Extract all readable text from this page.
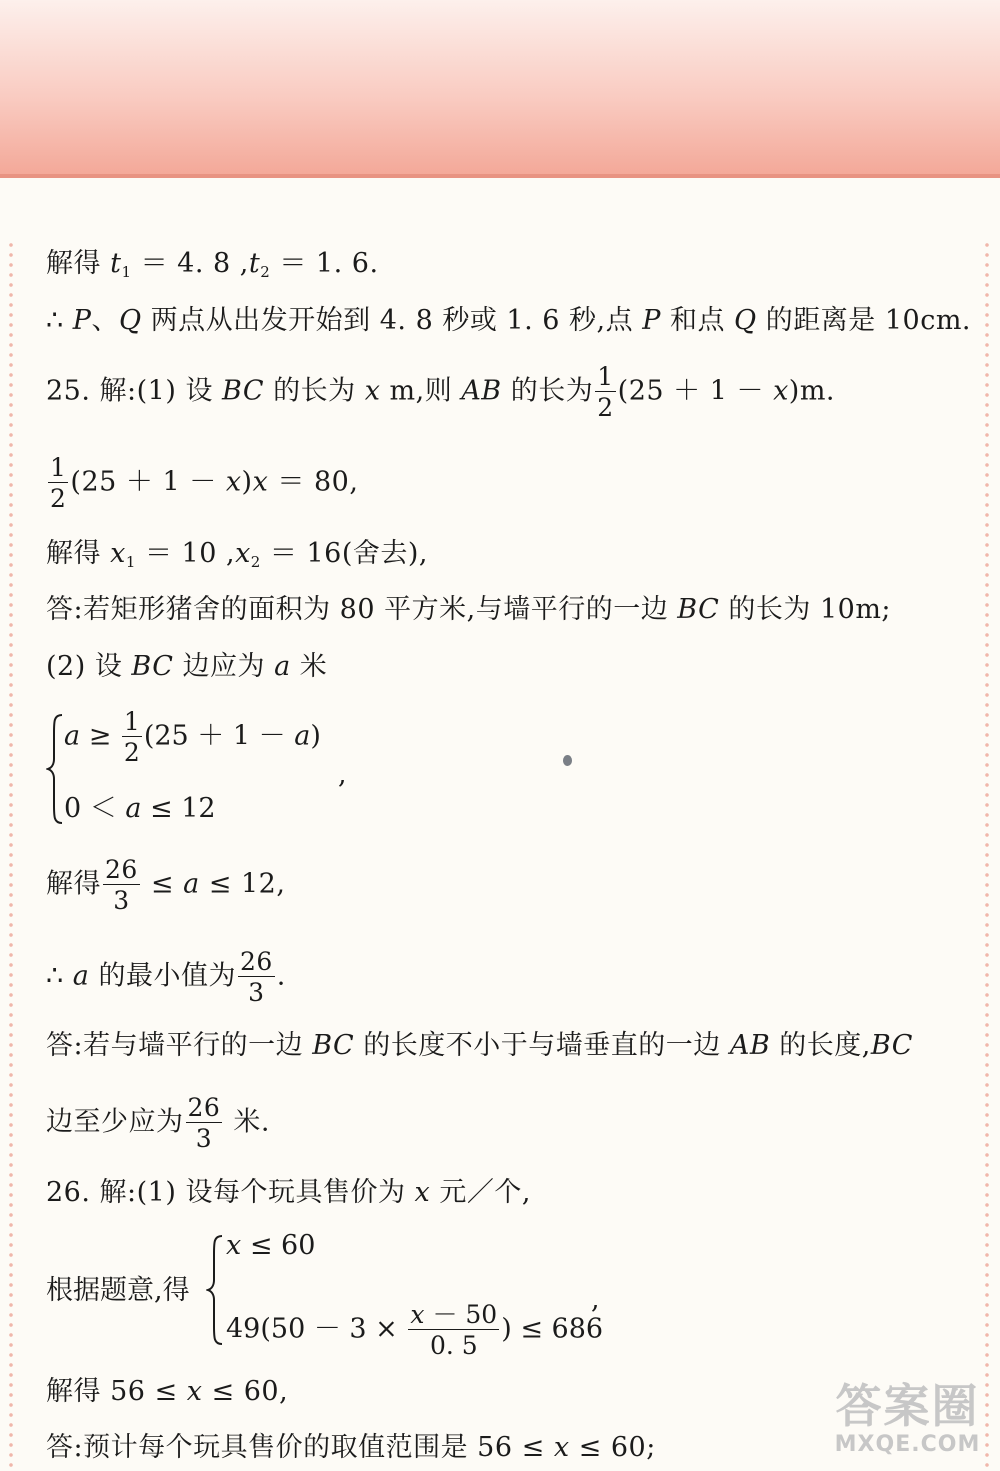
解得 $t_1 = 4$. 8 $,t_2 = 1$. 6.
∴ P、Q 两点从出发开始到 4. 8 秒或 1. 6 秒,点 P 和点 Q 的距离是 10cm.
25. 解:(1) 设 BC 的长为 x m,则 AB 的长为 $\frac{1}{2} (25 + 1 - x)m$.
$\frac{1}{2} (25 + 1 - x)x = 80$,
解得 $x_1 = 10$ $,x_2 = 16$(舍去),
答:若矩形猪舍的面积为 80 平方米,与墙平行的一边 BC 的长为 10m;
(2) 设 BC 边应为 a 米
$a \ge \frac{1}{2} (25 + 1 - a)$
0 ＜ a ≤ 12
,
解得 $\frac{26}{3} \le a \le 12$,
∴ a 的最小值为 $\frac{26}{3}$ .
答:若与墙平行的一边 BC 的长度不小于与墙垂直的一边 AB 的长度,BC
边至少应为 $\frac{26}{3}$ 米.
26. 解:(1) 设每个玩具售价为 x 元／个,
根据题意,得
x ≤ 60
$49(50 - 3 \times \frac{x - 50}{0. 5}$ ) ≤ 686
,
解得 56 ≤ x ≤ 60,
答:预计每个玩具售价的取值范围是 56 ≤ x ≤ 60;
答案圈
MXQE.COM
